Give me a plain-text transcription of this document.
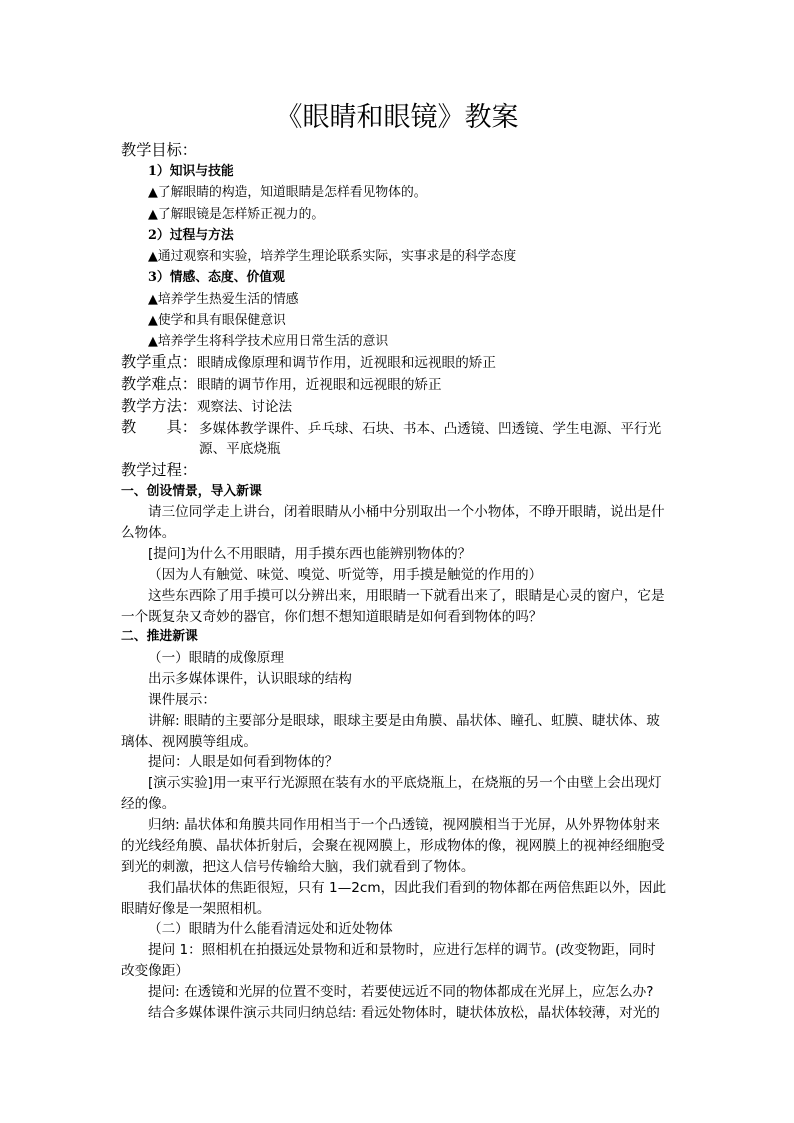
《眼睛和眼镜》教案
教学目标：
1）知识与技能
▲了解眼睛的构造，知道眼睛是怎样看见物体的。
▲了解眼镜是怎样矫正视力的。
2）过程与方法
▲通过观察和实验，培养学生理论联系实际，实事求是的科学态度
3）情感、态度、价值观
▲培养学生热爱生活的情感
▲使学和具有眼保健意识
▲培养学生将科学技术应用日常生活的意识
教学重点：眼睛成像原理和调节作用，近视眼和远视眼的矫正
教学难点：眼睛的调节作用，近视眼和远视眼的矫正
教学方法：观察法、讨论法
教　　具： 多媒体教学课件、乒乓球、石块、书本、凸透镜、凹透镜、学生电源、平行光源、平底烧瓶
教学过程：
一、创设情景，导入新课
请三位同学走上讲台，闭着眼睛从小桶中分别取出一个小物体，不睁开眼睛，说出是什
么物体。
[提问]为什么不用眼睛，用手摸东西也能辨别物体的？
（因为人有触觉、味觉、嗅觉、听觉等，用手摸是触觉的作用的）
这些东西除了用手摸可以分辨出来，用眼睛一下就看出来了，眼睛是心灵的窗户，它是
一个既复杂又奇妙的器官，你们想不想知道眼睛是如何看到物体的吗？
二、推进新课
（一）眼睛的成像原理
出示多媒体课件，认识眼球的结构
课件展示：
讲解: 眼睛的主要部分是眼球，眼球主要是由角膜、晶状体、瞳孔、虹膜、睫状体、玻
璃体、视网膜等组成。
提问：人眼是如何看到物体的？
[演示实验]用一束平行光源照在装有水的平底烧瓶上，在烧瓶的另一个由壁上会出现灯
经的像。
归纳: 晶状体和角膜共同作用相当于一个凸透镜，视网膜相当于光屏，从外界物体射来
的光线经角膜、晶状体折射后，会聚在视网膜上，形成物体的像，视网膜上的视神经细胞受
到光的刺激，把这人信号传输给大脑，我们就看到了物体。
我们晶状体的焦距很短，只有 1—2cm，因此我们看到的物体都在两倍焦距以外，因此
眼睛好像是一架照相机。
（二）眼睛为什么能看清远处和近处物体
提问 1：照相机在拍摄远处景物和近和景物时，应进行怎样的调节。(改变物距，同时
改变像距）
提问: 在透镜和光屏的位置不变时，若要使远近不同的物体都成在光屏上，应怎么办?
结合多媒体课件演示共同归纳总结: 看远处物体时，睫状体放松，晶状体较薄，对光的
